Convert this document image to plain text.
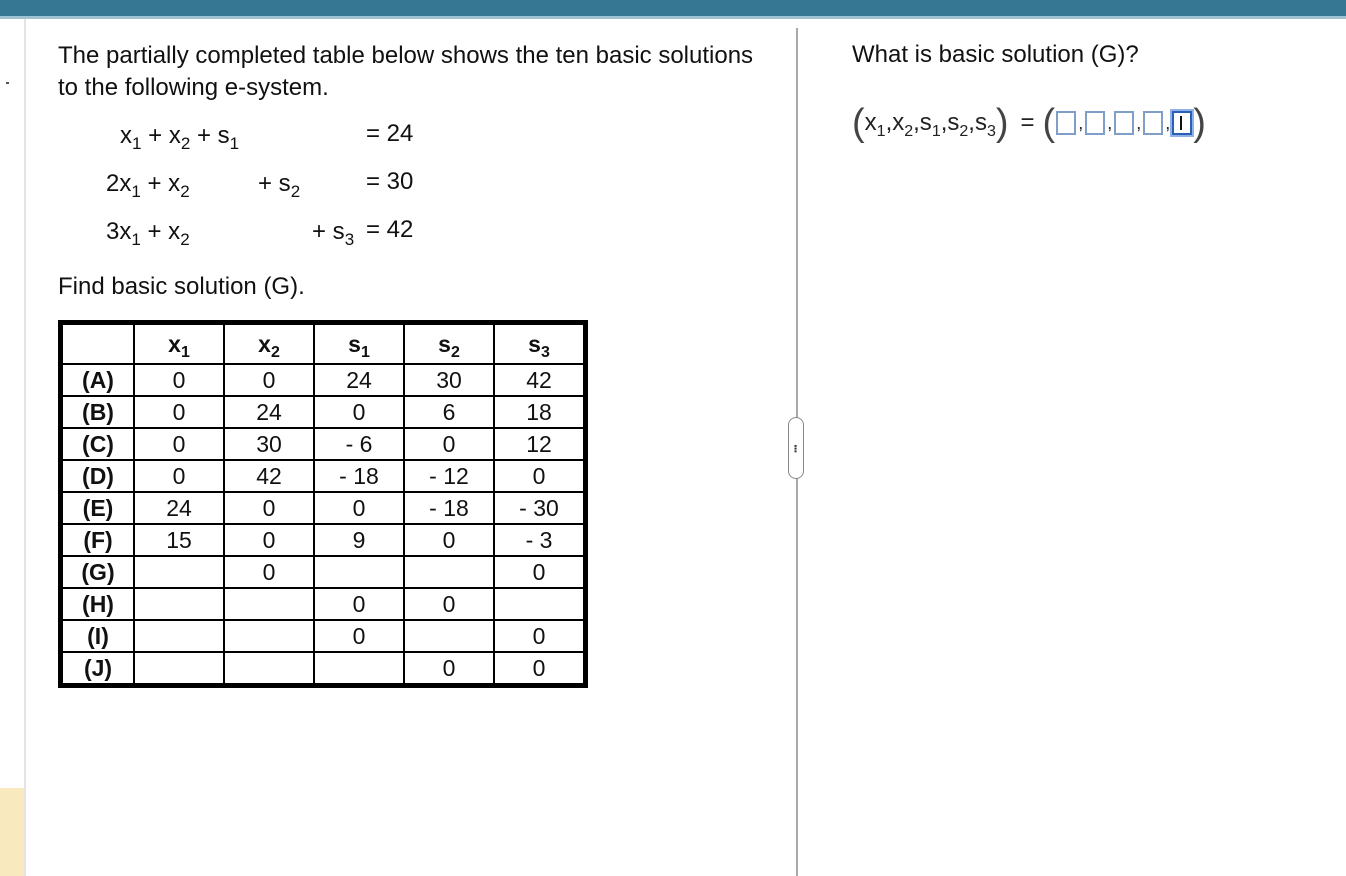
···
The partially completed table below shows the ten basic solutions to the following e-system.
$x_1 + x_2 + s_1$	= 24
$2x_1 + x_2$	+ $s_2$	= 30
$3x_1 + x_2$	+ $s_3 = 42$
Find basic solution (G).
	$x_1$	$x_2$	$s_1$	$s_2$	$s_3$
(A)	0	0	24	30	42
(B)	0	24	0	6	18
(C)	0	30	- 6	0	12
(D)	0	42	- 18	- 12	0
(E)	24	0	0	- 18	- 30
(F)	15	0	9	0	- 3
(G)		0			0
(H)			0	0	
(I)			0		0
(J)				0	0
What is basic solution (G)?
( $x_1,x_2,s_1,s_2,s_3$ ) = ( , , , , )
